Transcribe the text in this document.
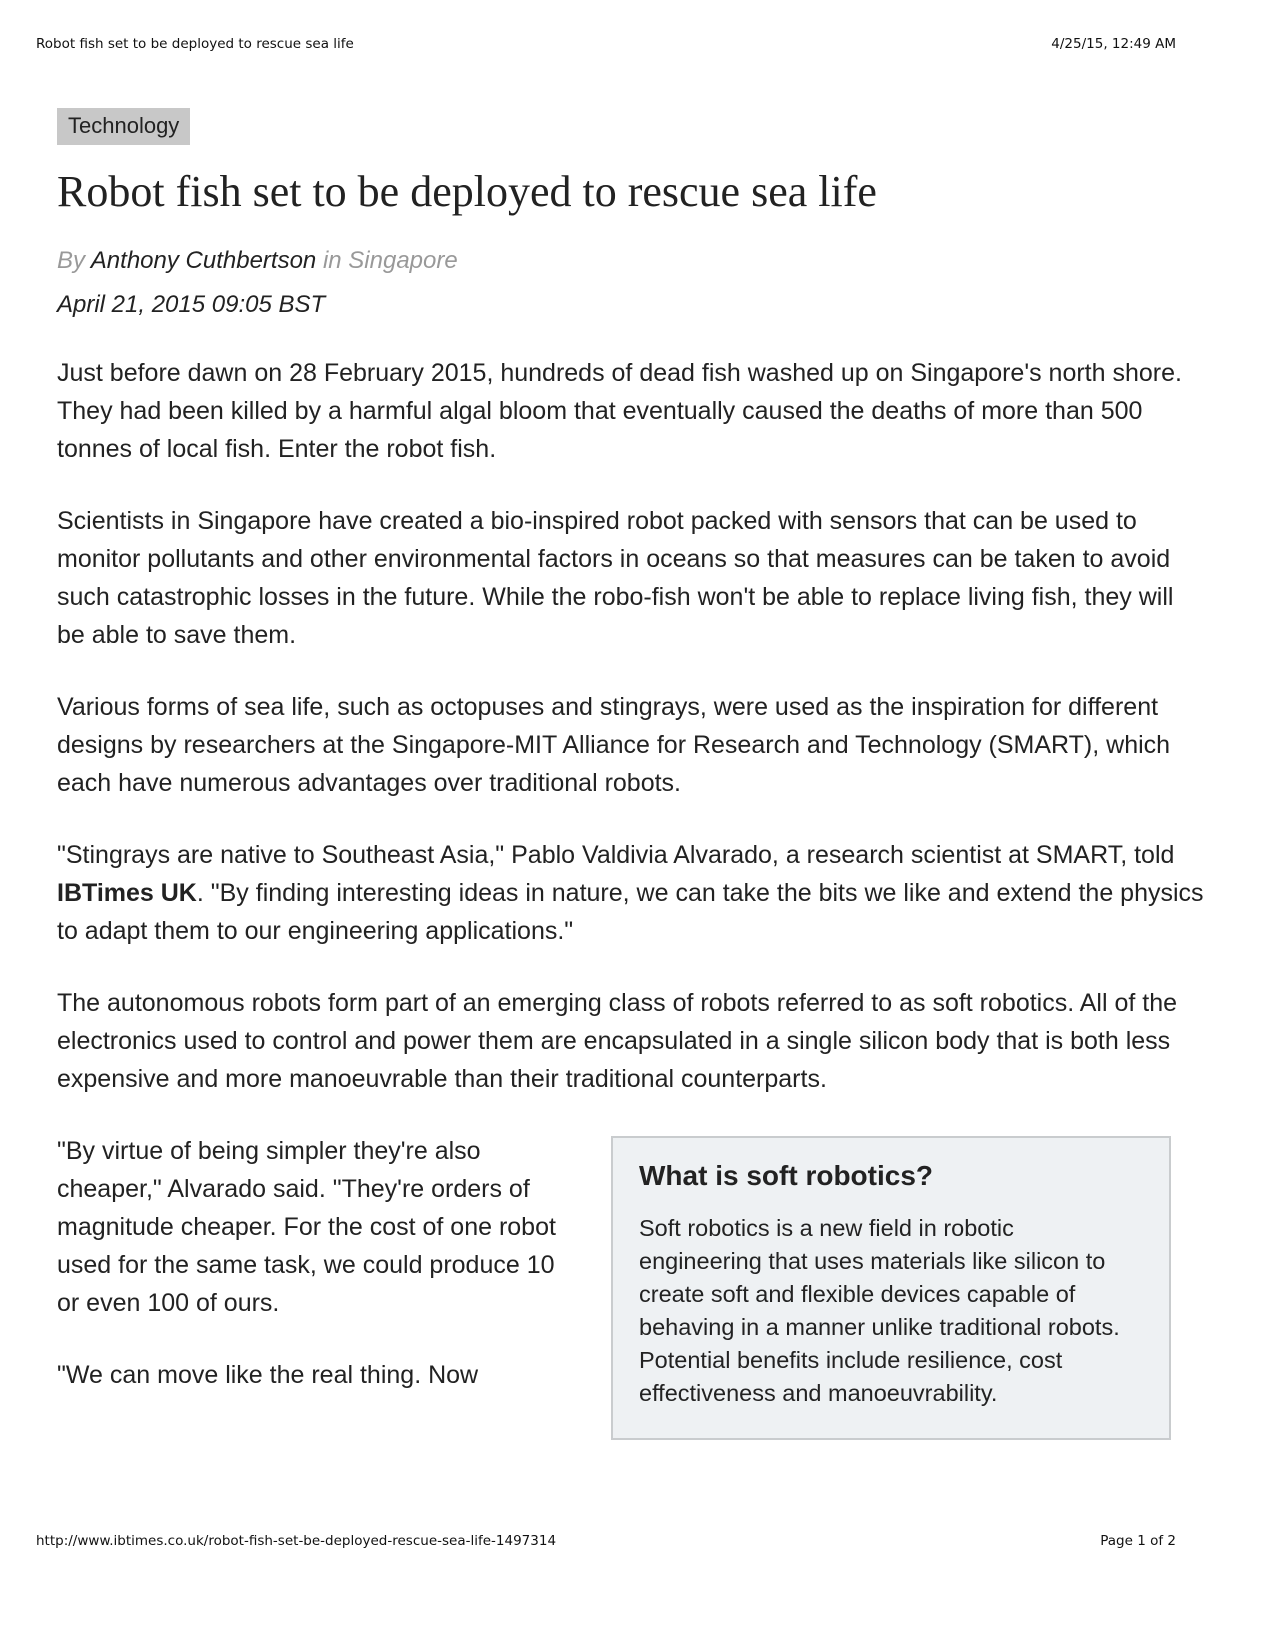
Robot fish set to be deployed to rescue sea life	4/25/15, 12:49 AM
Technology
Robot fish set to be deployed to rescue sea life
By Anthony Cuthbertson in Singapore
April 21, 2015 09:05 BST

Just before dawn on 28 February 2015, hundreds of dead fish washed up on Singapore's north shore. They had been killed by a harmful algal bloom that eventually caused the deaths of more than 500 tonnes of local fish. Enter the robot fish.

Scientists in Singapore have created a bio-inspired robot packed with sensors that can be used to monitor pollutants and other environmental factors in oceans so that measures can be taken to avoid such catastrophic losses in the future. While the robo-fish won't be able to replace living fish, they will be able to save them.

Various forms of sea life, such as octopuses and stingrays, were used as the inspiration for different designs by researchers at the Singapore-MIT Alliance for Research and Technology (SMART), which each have numerous advantages over traditional robots.

"Stingrays are native to Southeast Asia," Pablo Valdivia Alvarado, a research scientist at SMART, told IBTimes UK. "By finding interesting ideas in nature, we can take the bits we like and extend the physics to adapt them to our engineering applications."

The autonomous robots form part of an emerging class of robots referred to as soft robotics. All of the electronics used to control and power them are encapsulated in a single silicon body that is both less expensive and more manoeuvrable than their traditional counterparts.

"By virtue of being simpler they're also cheaper," Alvarado said. "They're orders of magnitude cheaper. For the cost of one robot used for the same task, we could produce 10 or even 100 of ours.

"We can move like the real thing. Now

What is soft robotics?

Soft robotics is a new field in robotic engineering that uses materials like silicon to create soft and flexible devices capable of behaving in a manner unlike traditional robots. Potential benefits include resilience, cost effectiveness and manoeuvrability.

http://www.ibtimes.co.uk/robot-fish-set-be-deployed-rescue-sea-life-1497314	Page 1 of 2
